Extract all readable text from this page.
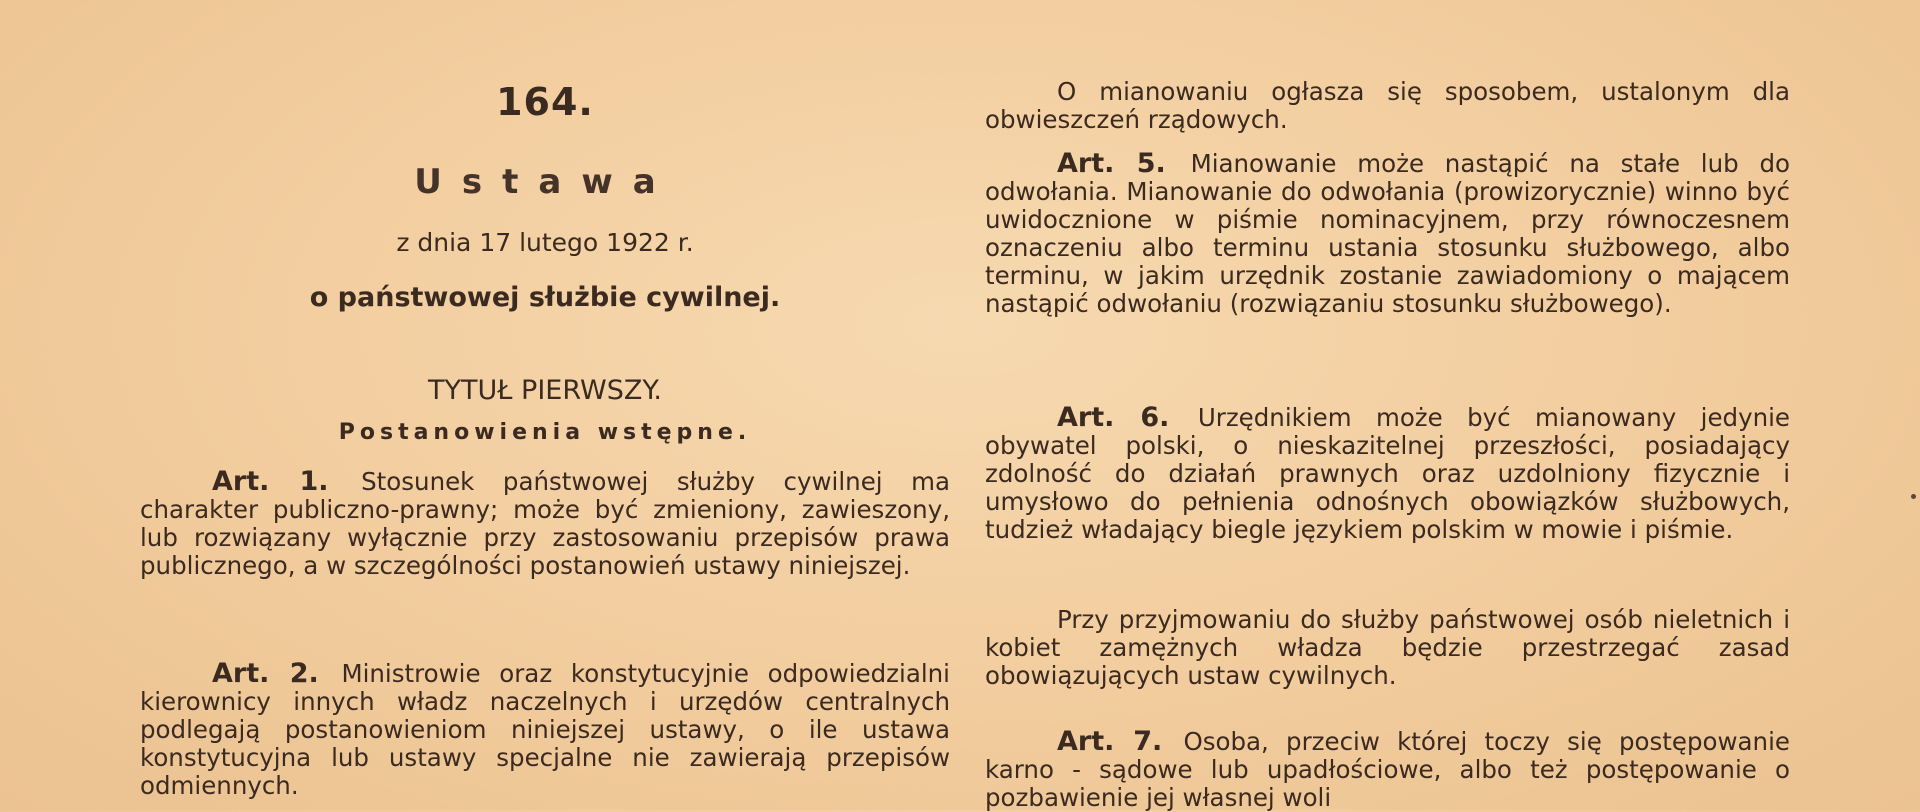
164.
Ustawa
z dnia 17 lutego 1922 r.
o państwowej służbie cywilnej.
TYTUŁ PIERWSZY.
Postanowienia wstępne.

Art. 1. Stosunek państwowej służby cywilnej ma charakter publiczno-prawny; może być zmieniony, zawieszony, lub rozwiązany wyłącznie przy zastosowaniu przepisów prawa publicznego, a w szczególności postanowień ustawy niniejszej.

Art. 2. Ministrowie oraz konstytucyjnie odpowiedzialni kierownicy innych władz naczelnych i urzędów centralnych podlegają postanowieniom niniejszej ustawy, o ile ustawa konstytucyjna lub ustawy specjalne nie zawierają przepisów odmiennych.

O mianowaniu ogłasza się sposobem, ustalonym dla obwieszczeń rządowych.

Art. 5. Mianowanie może nastąpić na stałe lub do odwołania. Mianowanie do odwołania (prowizorycznie) winno być uwidocznione w piśmie nominacyjnem, przy równoczesnem oznaczeniu albo terminu ustania stosunku służbowego, albo terminu, w jakim urzędnik zostanie zawiadomiony o mającem nastąpić odwołaniu (rozwiązaniu stosunku służbowego).

Art. 6. Urzędnikiem może być mianowany jedynie obywatel polski, o nieskazitelnej przeszłości, posiadający zdolność do działań prawnych oraz uzdolniony fizycznie i umysłowo do pełnienia odnośnych obowiązków służbowych, tudzież władający biegle językiem polskim w mowie i piśmie.

Przy przyjmowaniu do służby państwowej osób nieletnich i kobiet zamężnych władza będzie przestrzegać zasad obowiązujących ustaw cywilnych.

Art. 7. Osoba, przeciw której toczy się postępowanie karno - sądowe lub upadłościowe, albo też postępowanie o pozbawienie jej własnej woli
